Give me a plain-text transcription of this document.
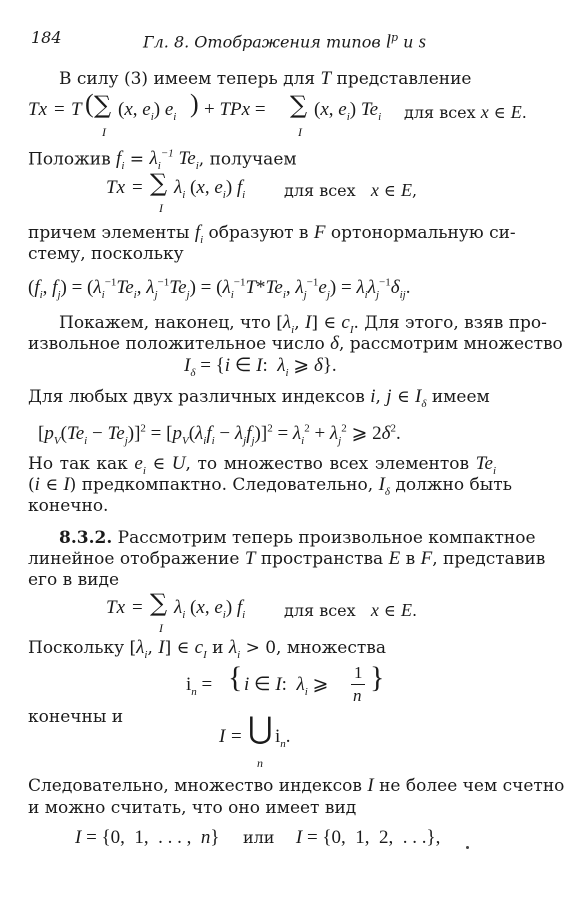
184	Гл. 8. Отображения типов $l^p$ и s
В силу (3) имеем теперь для T представление
Tx = T ( ∑
I
(x, $e_i$) $e_i$ ) + TPx = ∑
I
(x, $e_i$) $Te_i$ для всех x ∈ E.
Положив $f_i = \lambda_i^{-1}$ $Te_i$, получаем
Tx = ∑
I
$\lambda_i$ (x, $e_i$) $f_i$ для всех   x ∈ E,
причем элементы $f_i$ образуют в F ортонормальную си-
стему, поскольку
($f_i$, $f_j) = (\lambda_i^{-1}Te_i$, $\lambda_j^{-1}Te_j) = (\lambda_i^{-1}T*Te_i$, $\lambda_j^{-1}e_j) = \lambda_i\lambda_j^{-1}\delta_{ij}$.
Покажем, наконец, что [$\lambda_i$, I] ∈ $c_I$. Для этого, взяв про-
извольное положительное число δ, рассмотрим множество
$I_\delta = \{i$ ∈ I:  $\lambda_i$ ⩾ δ}.
Для любых двух различных индексов i, j ∈ $I_\delta$ имеем
$[p_V(Te_i - Te_j)]^2 = [p_V(\lambda_if_i - \lambda_jf_j)]^2 = \lambda_i^2 + \lambda_j^2$ ⩾ $2\delta^2$.
Но так как $e_i$ ∈ U, то множество всех элементов $Te_i$
(i ∈ I) предкомпактно. Следовательно, $I_\delta$ должно быть
конечно.
8.3.2. Рассмотрим теперь произвольное компактное
линейное отображение T пространства E в F, представив
его в виде
Tx = ∑
I
$\lambda_i$ (x, $e_i$) $f_i$ для всех   x ∈ E.
Поскольку [$\lambda_i$, I] ∈ $c_I$ и $\lambda_i > 0$, множества
$i_n$ = { i ∈ I:  $\lambda_i$ ⩾
1
n
}
конечны и
I = ⋃
n
$i_n$.
Следовательно, множество индексов I не более чем счетно
и можно считать, что оно имеет вид
I = {0,  1,  . . . ,  n} или I = {0,  1,  2,  . . .},
